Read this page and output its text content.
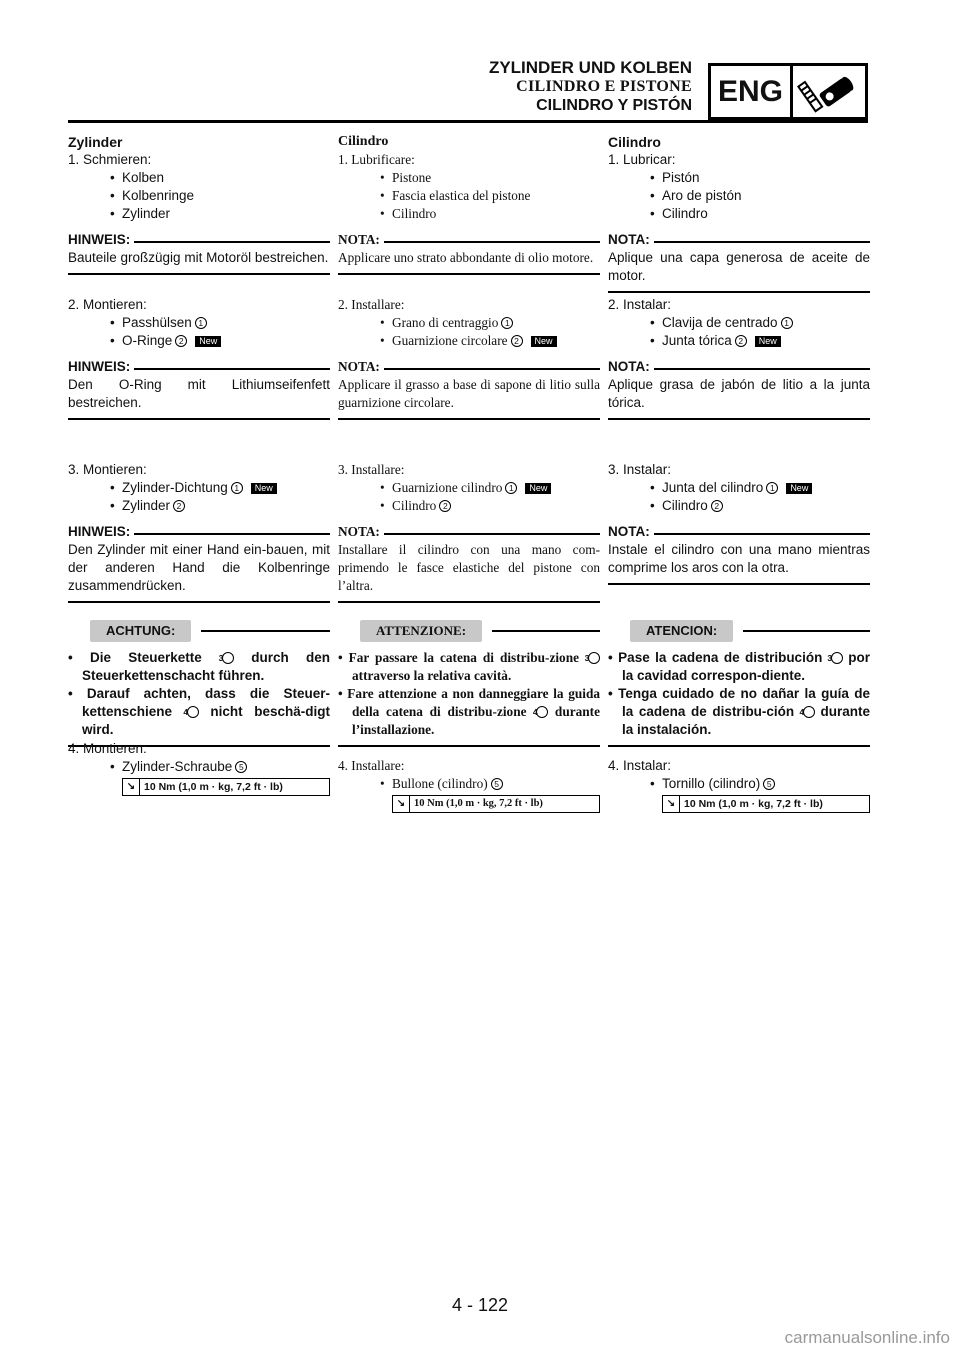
ZYLINDER UND KOLBEN
CILINDRO E PISTONE
CILINDRO Y PISTÓN ENG
Zylinder
1. Schmieren:
• Kolben
• Kolbenringe
• Zylinder
HINWEIS:
Bauteile großzügig mit Motoröl bestreichen.
2. Montieren:
• Passhülsen 1
• O-Ringe 2 New
HINWEIS:
Den O-Ring mit Lithiumseifenfett bestreichen.
3. Montieren:
• Zylinder-Dichtung 1 New
• Zylinder 2
HINWEIS:
Den Zylinder mit einer Hand ein-bauen, mit der anderen Hand die Kolbenringe zusammendrücken.
ACHTUNG:
• Die Steuerkette 3 durch den Steuerkettenschacht führen.
• Darauf achten, dass die Steuer-kettenschiene 4 nicht beschä-digt wird.
4. Montieren:
• Zylinder-Schraube 5
↘ 10 Nm (1,0 m · kg, 7,2 ft · lb)
Cilindro
1. Lubrificare:
• Pistone
• Fascia elastica del pistone
• Cilindro
NOTA:
Applicare uno strato abbondante di olio motore.
2. Installare:
• Grano di centraggio 1
• Guarnizione circolare 2 New
NOTA:
Applicare il grasso a base di sapone di litio sulla guarnizione circolare.
3. Installare:
• Guarnizione cilindro 1 New
• Cilindro 2
NOTA:
Installare il cilindro con una mano com-primendo le fasce elastiche del pistone con l’altra.
ATTENZIONE:
• Far passare la catena di distribu-zione 3 attraverso la relativa cavità.
• Fare attenzione a non danneggiare la guida della catena di distribu-zione 4 durante l’installazione.
4. Installare:
• Bullone (cilindro) 5
↘ 10 Nm (1,0 m · kg, 7,2 ft · lb)
Cilindro
1. Lubricar:
• Pistón
• Aro de pistón
• Cilindro
NOTA:
Aplique una capa generosa de aceite de motor.
2. Instalar:
• Clavija de centrado 1
• Junta tórica 2 New
NOTA:
Aplique grasa de jabón de litio a la junta tórica.
3. Instalar:
• Junta del cilindro 1 New
• Cilindro 2
NOTA:
Instale el cilindro con una mano mientras comprime los aros con la otra.
ATENCION:
• Pase la cadena de distribución 3 por la cavidad correspon-diente.
• Tenga cuidado de no dañar la guía de la cadena de distribu-ción 4 durante la instalación.
4. Instalar:
• Tornillo (cilindro) 5
↘ 10 Nm (1,0 m · kg, 7,2 ft · lb)
4 - 122
carmanualsonline.info
